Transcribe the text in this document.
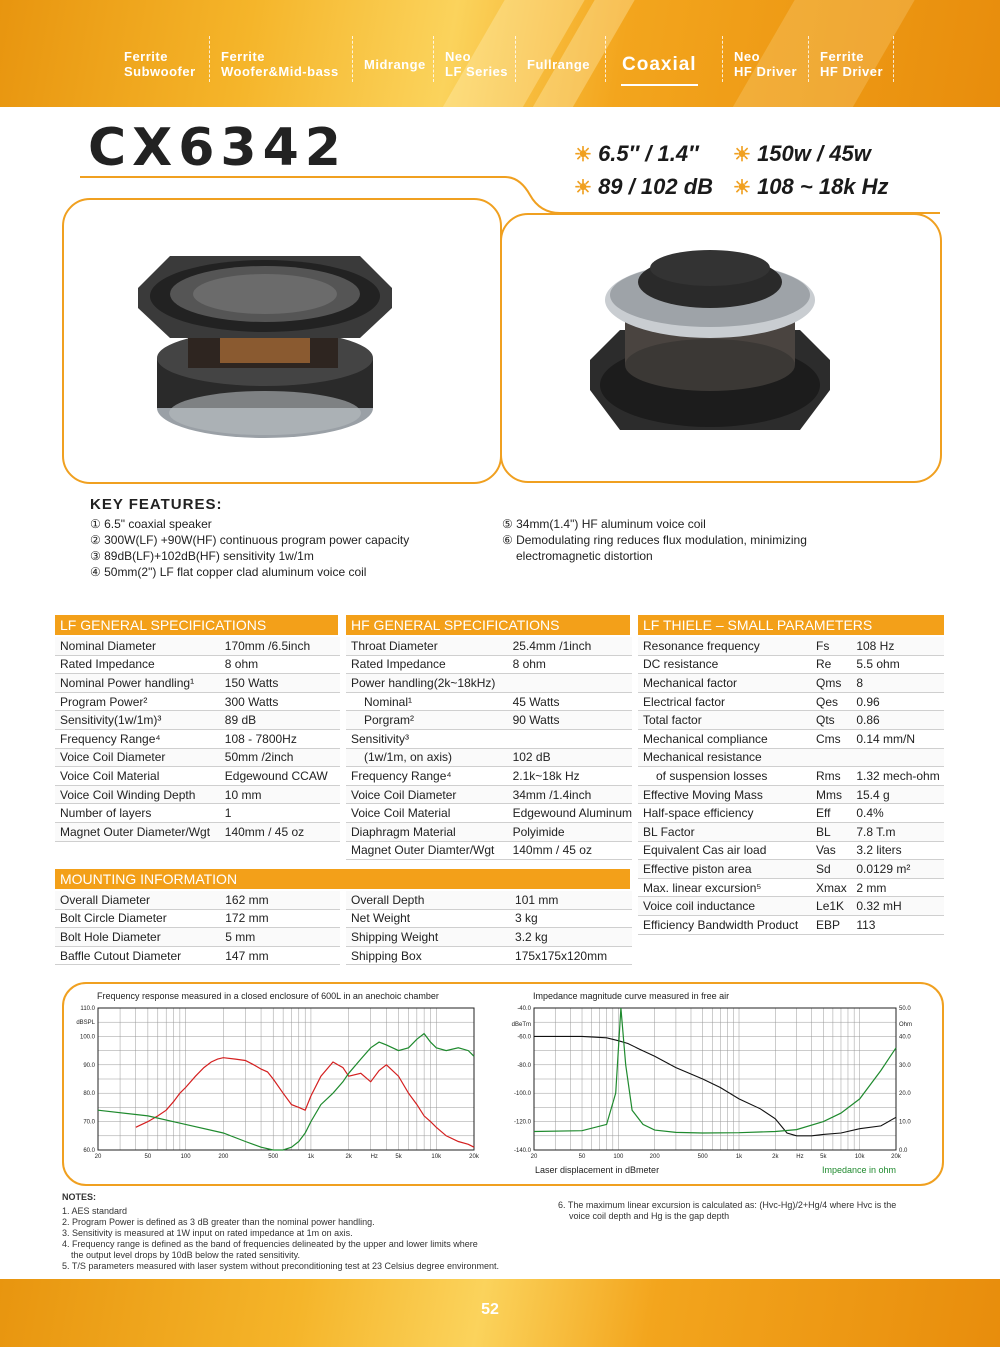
Ferrite
Subwoofer
Ferrite
Woofer&Mid-bass Midrange Neo
LF Series Fullrange Coaxial	Neo
HF Driver
Ferrite
HF Driver
CX6342	☀ 6.5″ / 1.4″ ☀ 150w / 45w
☀ 89 / 102 dB ☀ 108 ~ 18k Hz
KEY FEATURES:
① 6.5" coaxial speaker
② 300W(LF) +90W(HF) continuous program power capacity
③ 89dB(LF)+102dB(HF) sensitivity 1w/1m
④ 50mm(2") LF flat copper clad aluminum voice coil
⑤ 34mm(1.4") HF aluminum voice coil
⑥ Demodulating ring reduces flux modulation, minimizing
electromagnetic distortion
LF GENERAL SPECIFICATIONS	HF GENERAL SPECIFICATIONS	LF THIELE – SMALL PARAMETERS
Nominal Diameter	170mm /6.5inch
Rated Impedance	8 ohm
Nominal Power handling¹	150 Watts
Program Power²	300 Watts
Sensitivity(1w/1m)³	89 dB
Frequency Range⁴	108 - 7800Hz
Voice Coil Diameter	50mm /2inch
Voice Coil Material	Edgewound CCAW
Voice Coil Winding Depth	10 mm
Number of layers	1
Magnet Outer Diameter/Wgt	140mm / 45 oz
Throat Diameter	25.4mm /1inch
Rated Impedance	8 ohm
Power handling(2k~18kHz)	
Nominal¹	45 Watts
Porgram²	90 Watts
Sensitivity³	
(1w/1m, on axis)	102 dB
Frequency Range⁴	2.1k~18k Hz
Voice Coil Diameter	34mm /1.4inch
Voice Coil Material	Edgewound Aluminum
Diaphragm Material	Polyimide
Magnet Outer Diamter/Wgt	140mm / 45 oz
Resonance frequency	Fs	108 Hz
DC resistance	Re	5.5 ohm
Mechanical factor	Qms	8
Electrical factor	Qes	0.96
Total factor	Qts	0.86
Mechanical compliance	Cms	0.14 mm/N
Mechanical resistance		
of suspension losses	Rms	1.32 mech-ohm
Effective Moving Mass	Mms	15.4 g
Half-space efficiency	Eff	0.4%
BL Factor	BL	7.8 T.m
Equivalent Cas air load	Vas	3.2 liters
Effective piston area	Sd	0.0129 m²
Max. linear excursion⁵	Xmax	2 mm
Voice coil inductance	Le1K	0.32 mH
Efficiency Bandwidth Product	EBP	113
MOUNTING INFORMATION
Overall Diameter	162 mm
Bolt Circle Diameter	172 mm
Bolt Hole Diameter	5 mm
Baffle Cutout Diameter	147 mm
Overall Depth	101 mm
Net Weight	3 kg
Shipping Weight	3.2 kg
Shipping Box	175x175x120mm
Frequency response measured in a closed enclosure of 600L in an anechoic chamber	Impedance magnitude curve measured in free air
20	50	100	200	500	1k	2k	Hz	5k	10k	20k
110.0
100.0
90.0
80.0
70.0
60.0
dBSPL
20	50	100	200	500	1k	2k	Hz	5k	10k	20k
-40.0
-60.0
-80.0
-100.0
-120.0
-140.0
50.0
40.0
30.0
20.0
10.0
0.0
dBeTm	Ohm
Laser displacement in dBmeter	Impedance in ohm
NOTES:
1. AES standard
2. Program Power is defined as 3 dB greater than the nominal power handling.
3. Sensitivity is measured at 1W input on rated impedance at 1m on axis.
4. Frequency range is defined as the band of frequencies delineated by the upper and lower limits where
the output level drops by 10dB below the rated sensitivity.
5. T/S parameters measured with laser system without preconditioning test at 23 Celsius degree environment.
6. The maximum linear excursion is calculated as: (Hvc-Hg)/2+Hg/4 where Hvc is the
voice coil depth and Hg is the gap depth
52
